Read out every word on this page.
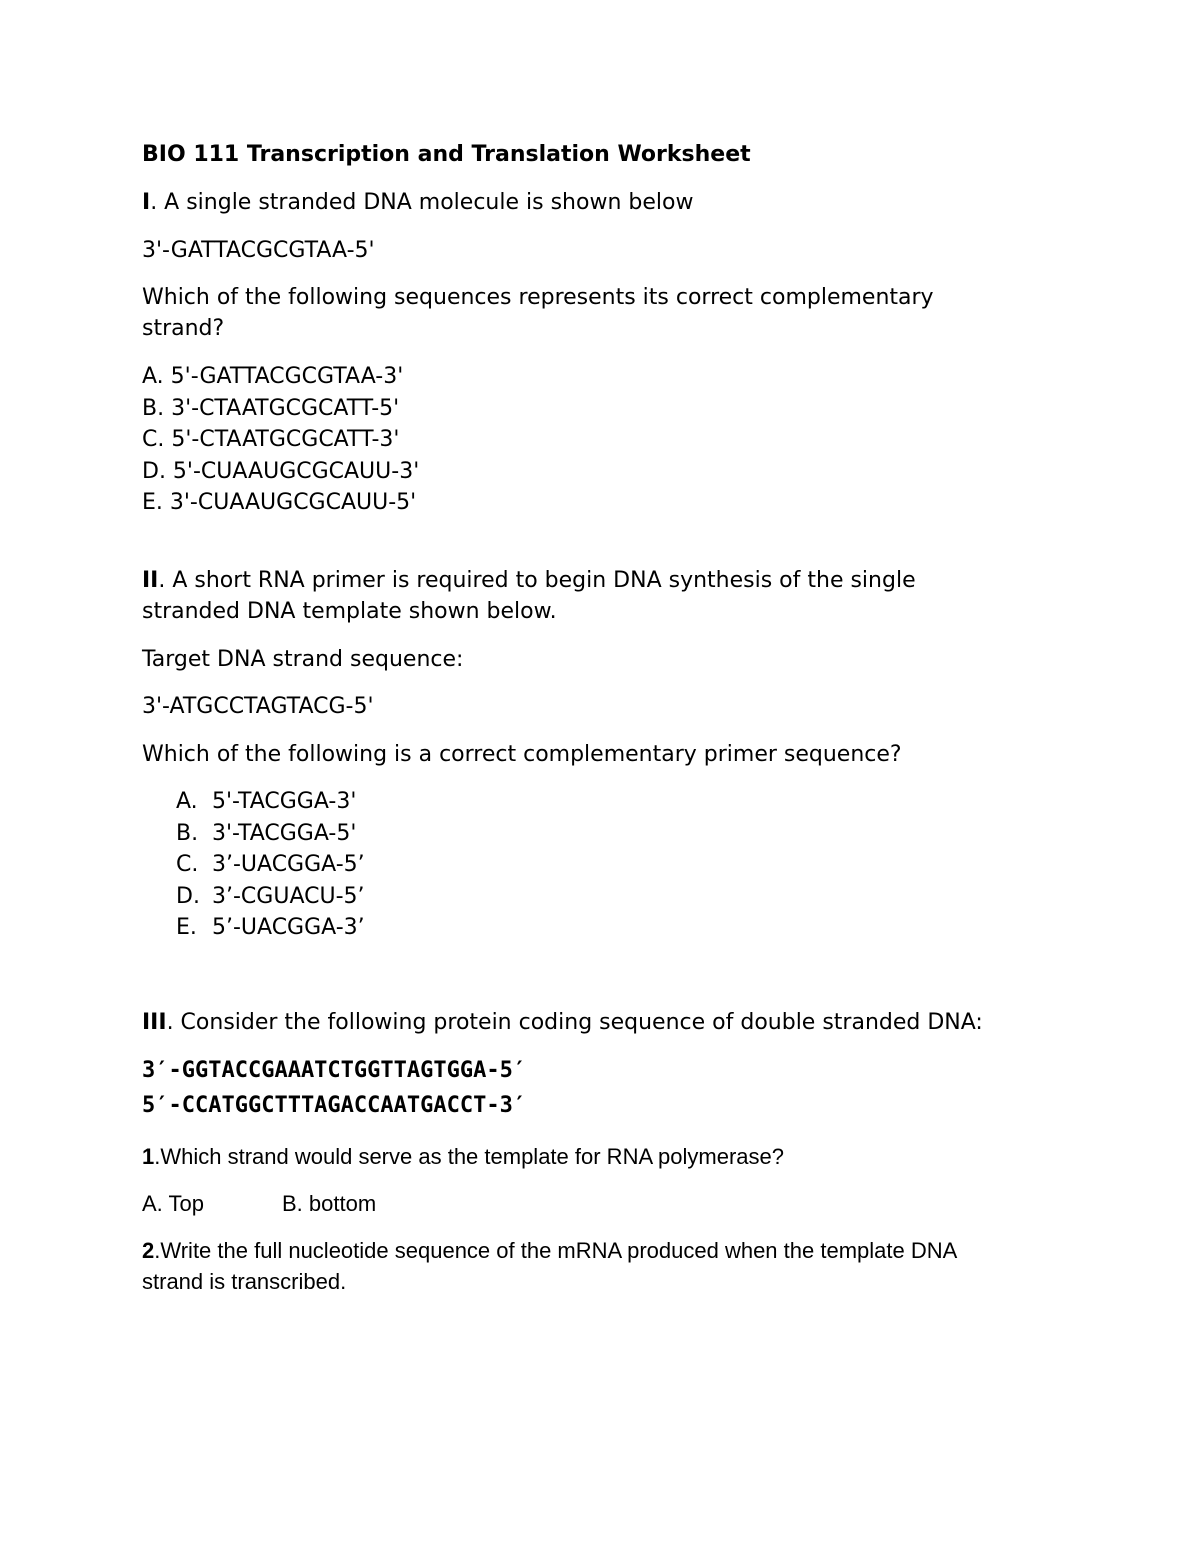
BIO 111 Transcription and Translation Worksheet

I. A single stranded DNA molecule is shown below

3'-GATTACGCGTAA-5'

Which of the following sequences represents its correct complementary strand?

A. 5'-GATTACGCGTAA-3'
B. 3'-CTAATGCGCATT-5'
C. 5'-CTAATGCGCATT-3'
D. 5'-CUAAUGCGCAUU-3'
E. 3'-CUAAUGCGCAUU-5'

II. A short RNA primer is required to begin DNA synthesis of the single stranded DNA template shown below.

Target DNA strand sequence:

3'-ATGCCTAGTACG-5'

Which of the following is a correct complementary primer sequence?

A. 5'-TACGGA-3'
B. 3'-TACGGA-5'
C. 3’-UACGGA-5’
D. 3’-CGUACU-5’
E. 5’-UACGGA-3’

III. Consider the following protein coding sequence of double stranded DNA:

3′-GGTACCGAAATCTGGTTAGTGGA-5′

5′-CCATGGCTTTAGACCAATGACCT-3′

1.Which strand would serve as the template for RNA polymerase?

A. Top	B. bottom

2.Write the full nucleotide sequence of the mRNA produced when the template DNA strand is transcribed.
